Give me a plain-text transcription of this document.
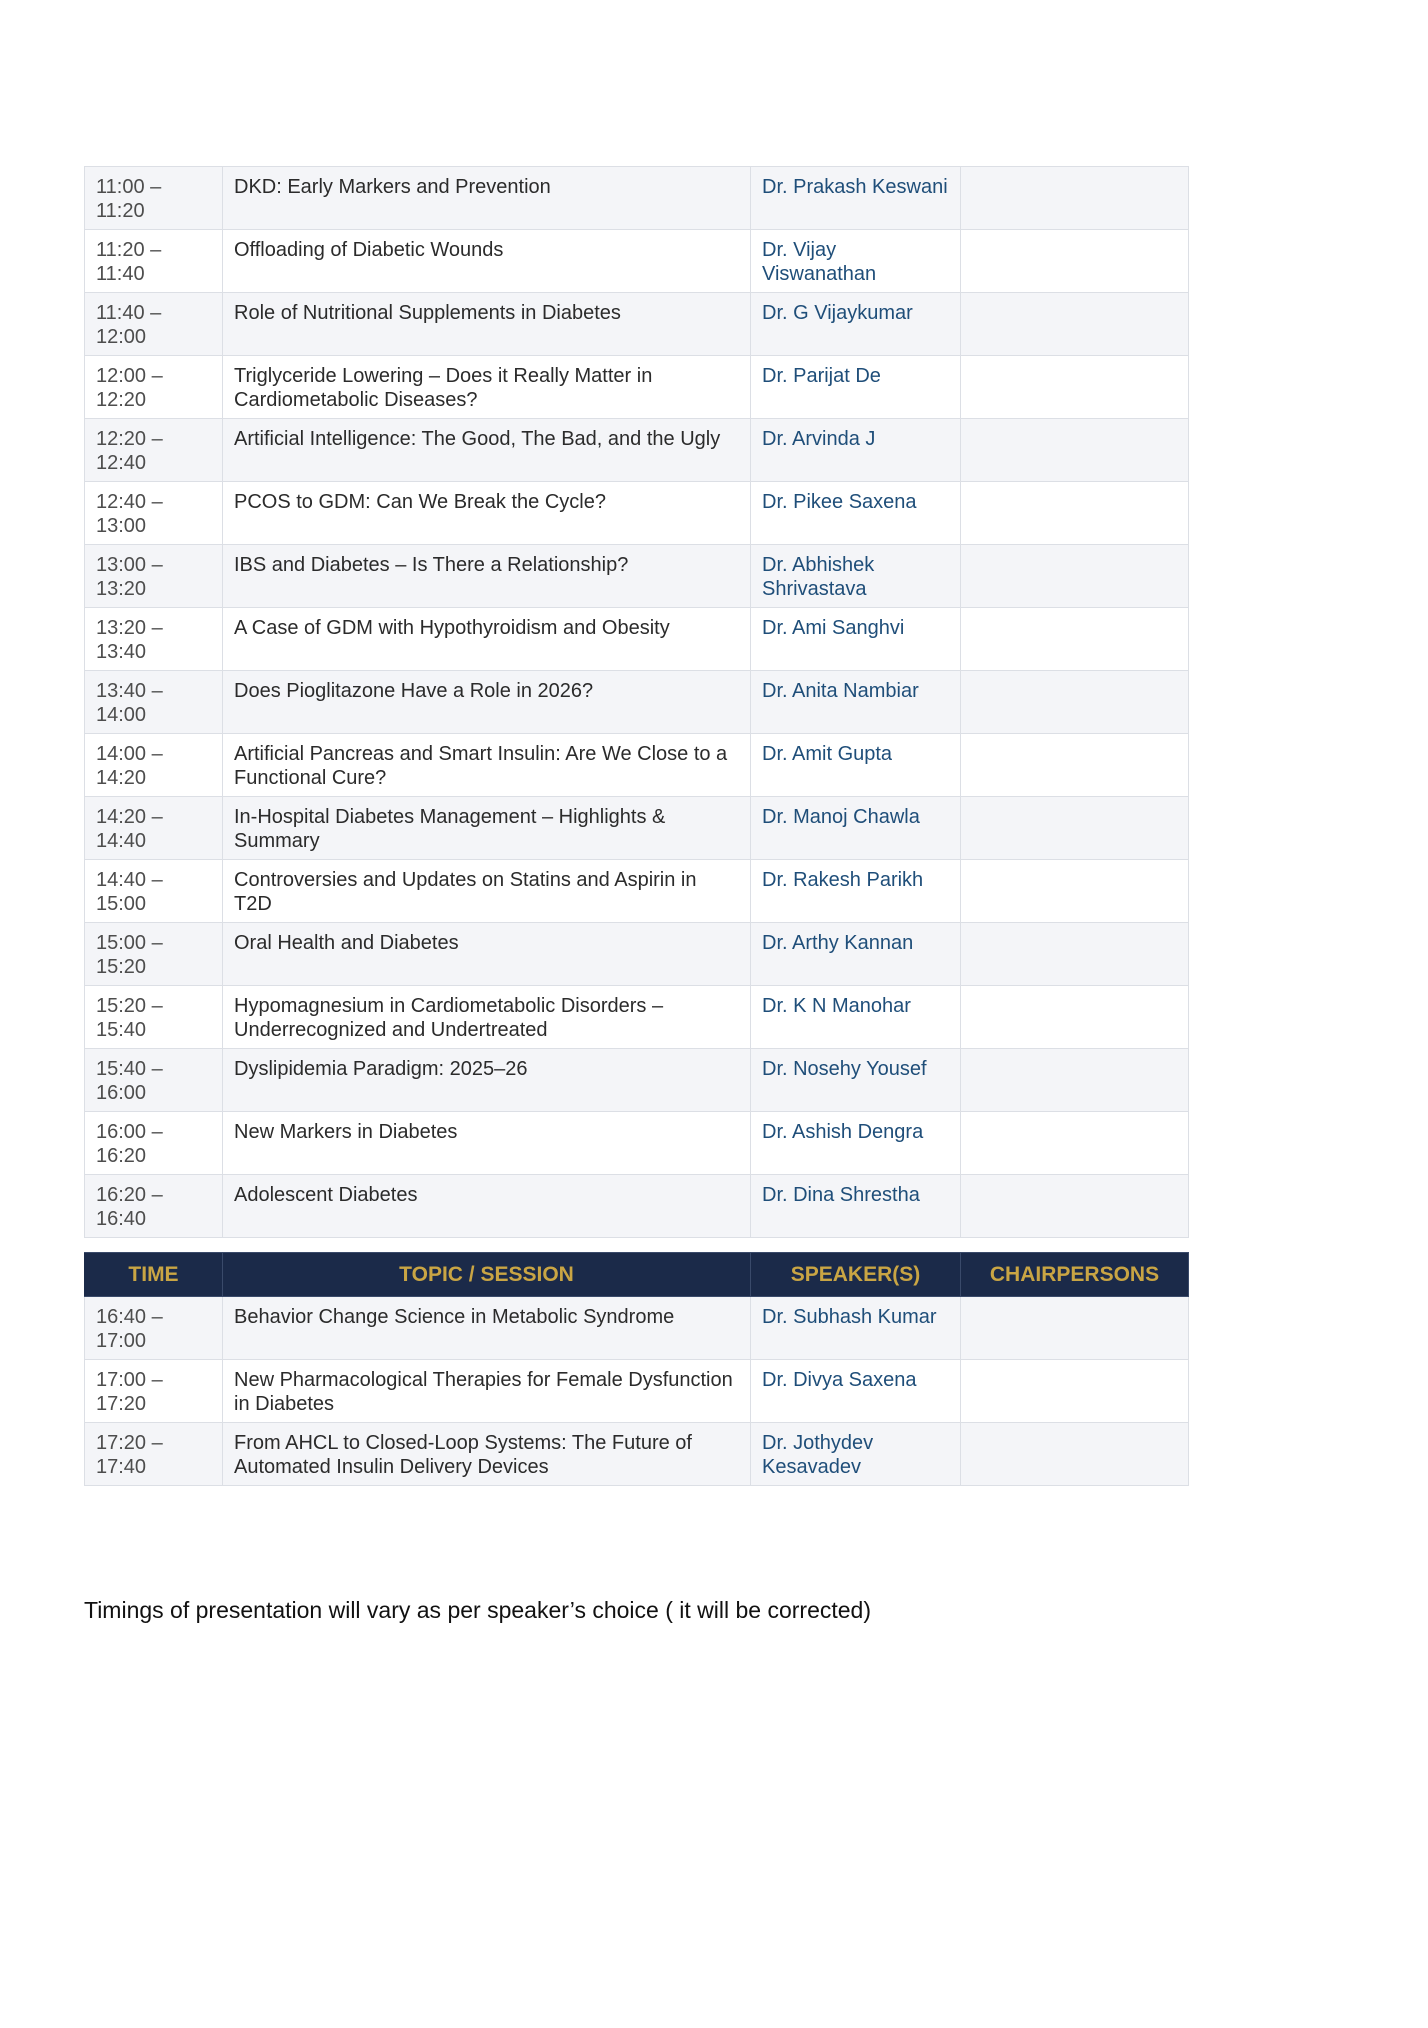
11:00 – 11:20	DKD: Early Markers and Prevention	Dr. Prakash Keswani	
11:20 – 11:40	Offloading of Diabetic Wounds	Dr. Vijay Viswanathan	
11:40 – 12:00	Role of Nutritional Supplements in Diabetes	Dr. G Vijaykumar	
12:00 – 12:20	Triglyceride Lowering – Does it Really Matter in Cardiometabolic Diseases?	Dr. Parijat De	
12:20 – 12:40	Artificial Intelligence: The Good, The Bad, and the Ugly	Dr. Arvinda J	
12:40 – 13:00	PCOS to GDM: Can We Break the Cycle?	Dr. Pikee Saxena	
13:00 – 13:20	IBS and Diabetes – Is There a Relationship?	Dr. Abhishek Shrivastava	
13:20 – 13:40	A Case of GDM with Hypothyroidism and Obesity	Dr. Ami Sanghvi	
13:40 – 14:00	Does Pioglitazone Have a Role in 2026?	Dr. Anita Nambiar	
14:00 – 14:20	Artificial Pancreas and Smart Insulin: Are We Close to a Functional Cure?	Dr. Amit Gupta	
14:20 – 14:40	In-Hospital Diabetes Management – Highlights & Summary	Dr. Manoj Chawla	
14:40 – 15:00	Controversies and Updates on Statins and Aspirin in T2D	Dr. Rakesh Parikh	
15:00 – 15:20	Oral Health and Diabetes	Dr. Arthy Kannan	
15:20 – 15:40	Hypomagnesium in Cardiometabolic Disorders – Underrecognized and Undertreated	Dr. K N Manohar	
15:40 – 16:00	Dyslipidemia Paradigm: 2025–26	Dr. Nosehy Yousef	
16:00 – 16:20	New Markers in Diabetes	Dr. Ashish Dengra	
16:20 – 16:40	Adolescent Diabetes	Dr. Dina Shrestha	
TIME	TOPIC / SESSION	SPEAKER(S)	CHAIRPERSONS
16:40 – 17:00	Behavior Change Science in Metabolic Syndrome	Dr. Subhash Kumar	
17:00 – 17:20	New Pharmacological Therapies for Female Dysfunction in Diabetes	Dr. Divya Saxena	
17:20 – 17:40	From AHCL to Closed-Loop Systems: The Future of Automated Insulin Delivery Devices	Dr. Jothydev Kesavadev	
Timings of presentation will vary as per speaker’s choice ( it will be corrected)
